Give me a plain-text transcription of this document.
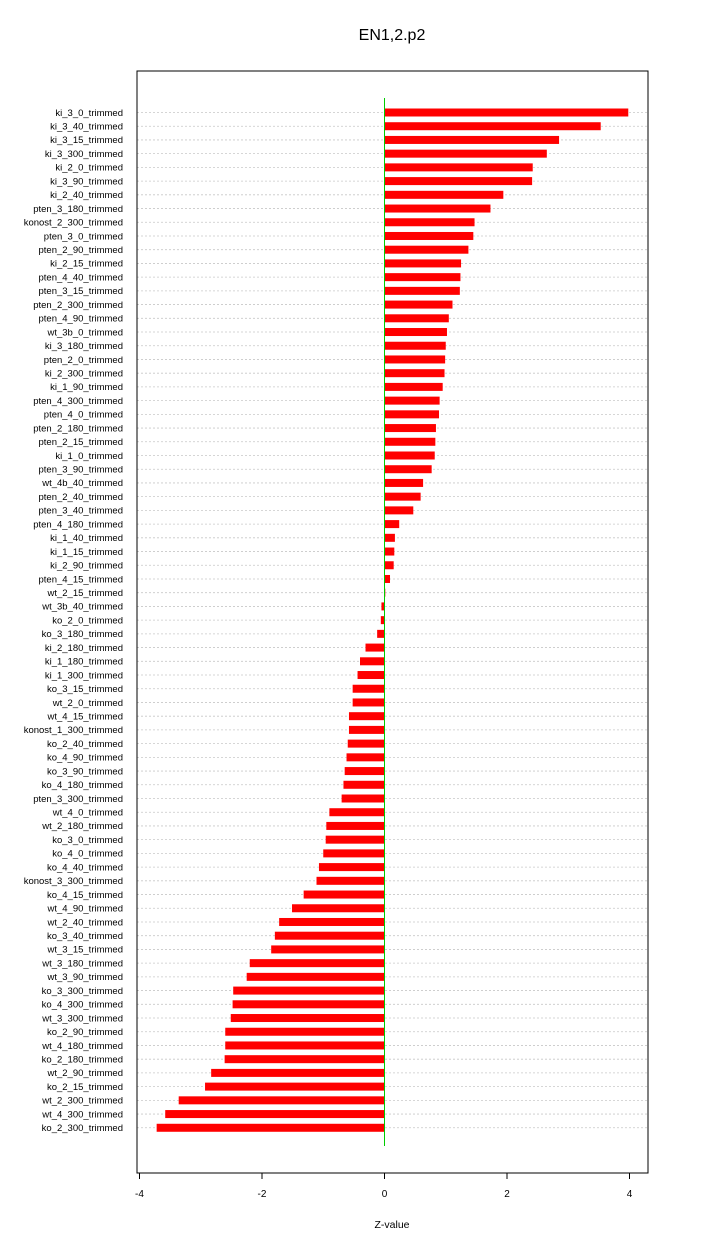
EN1,2.p2
ki_3_0_trimmed
ki_3_40_trimmed
ki_3_15_trimmed
ki_3_300_trimmed
ki_2_0_trimmed
ki_3_90_trimmed
ki_2_40_trimmed
pten_3_180_trimmed
konost_2_300_trimmed
pten_3_0_trimmed
pten_2_90_trimmed
ki_2_15_trimmed
pten_4_40_trimmed
pten_3_15_trimmed
pten_2_300_trimmed
pten_4_90_trimmed
wt_3b_0_trimmed
ki_3_180_trimmed
pten_2_0_trimmed
ki_2_300_trimmed
ki_1_90_trimmed
pten_4_300_trimmed
pten_4_0_trimmed
pten_2_180_trimmed
pten_2_15_trimmed
ki_1_0_trimmed
pten_3_90_trimmed
wt_4b_40_trimmed
pten_2_40_trimmed
pten_3_40_trimmed
pten_4_180_trimmed
ki_1_40_trimmed
ki_1_15_trimmed
ki_2_90_trimmed
pten_4_15_trimmed
wt_2_15_trimmed
wt_3b_40_trimmed
ko_2_0_trimmed
ko_3_180_trimmed
ki_2_180_trimmed
ki_1_180_trimmed
ki_1_300_trimmed
ko_3_15_trimmed
wt_2_0_trimmed
wt_4_15_trimmed
konost_1_300_trimmed
ko_2_40_trimmed
ko_4_90_trimmed
ko_3_90_trimmed
ko_4_180_trimmed
pten_3_300_trimmed
wt_4_0_trimmed
wt_2_180_trimmed
ko_3_0_trimmed
ko_4_0_trimmed
ko_4_40_trimmed
konost_3_300_trimmed
ko_4_15_trimmed
wt_4_90_trimmed
wt_2_40_trimmed
ko_3_40_trimmed
wt_3_15_trimmed
wt_3_180_trimmed
wt_3_90_trimmed
ko_3_300_trimmed
ko_4_300_trimmed
wt_3_300_trimmed
ko_2_90_trimmed
wt_4_180_trimmed
ko_2_180_trimmed
wt_2_90_trimmed
ko_2_15_trimmed
wt_2_300_trimmed
wt_4_300_trimmed
ko_2_300_trimmed
-4	-2	0	2	4
Z-value
